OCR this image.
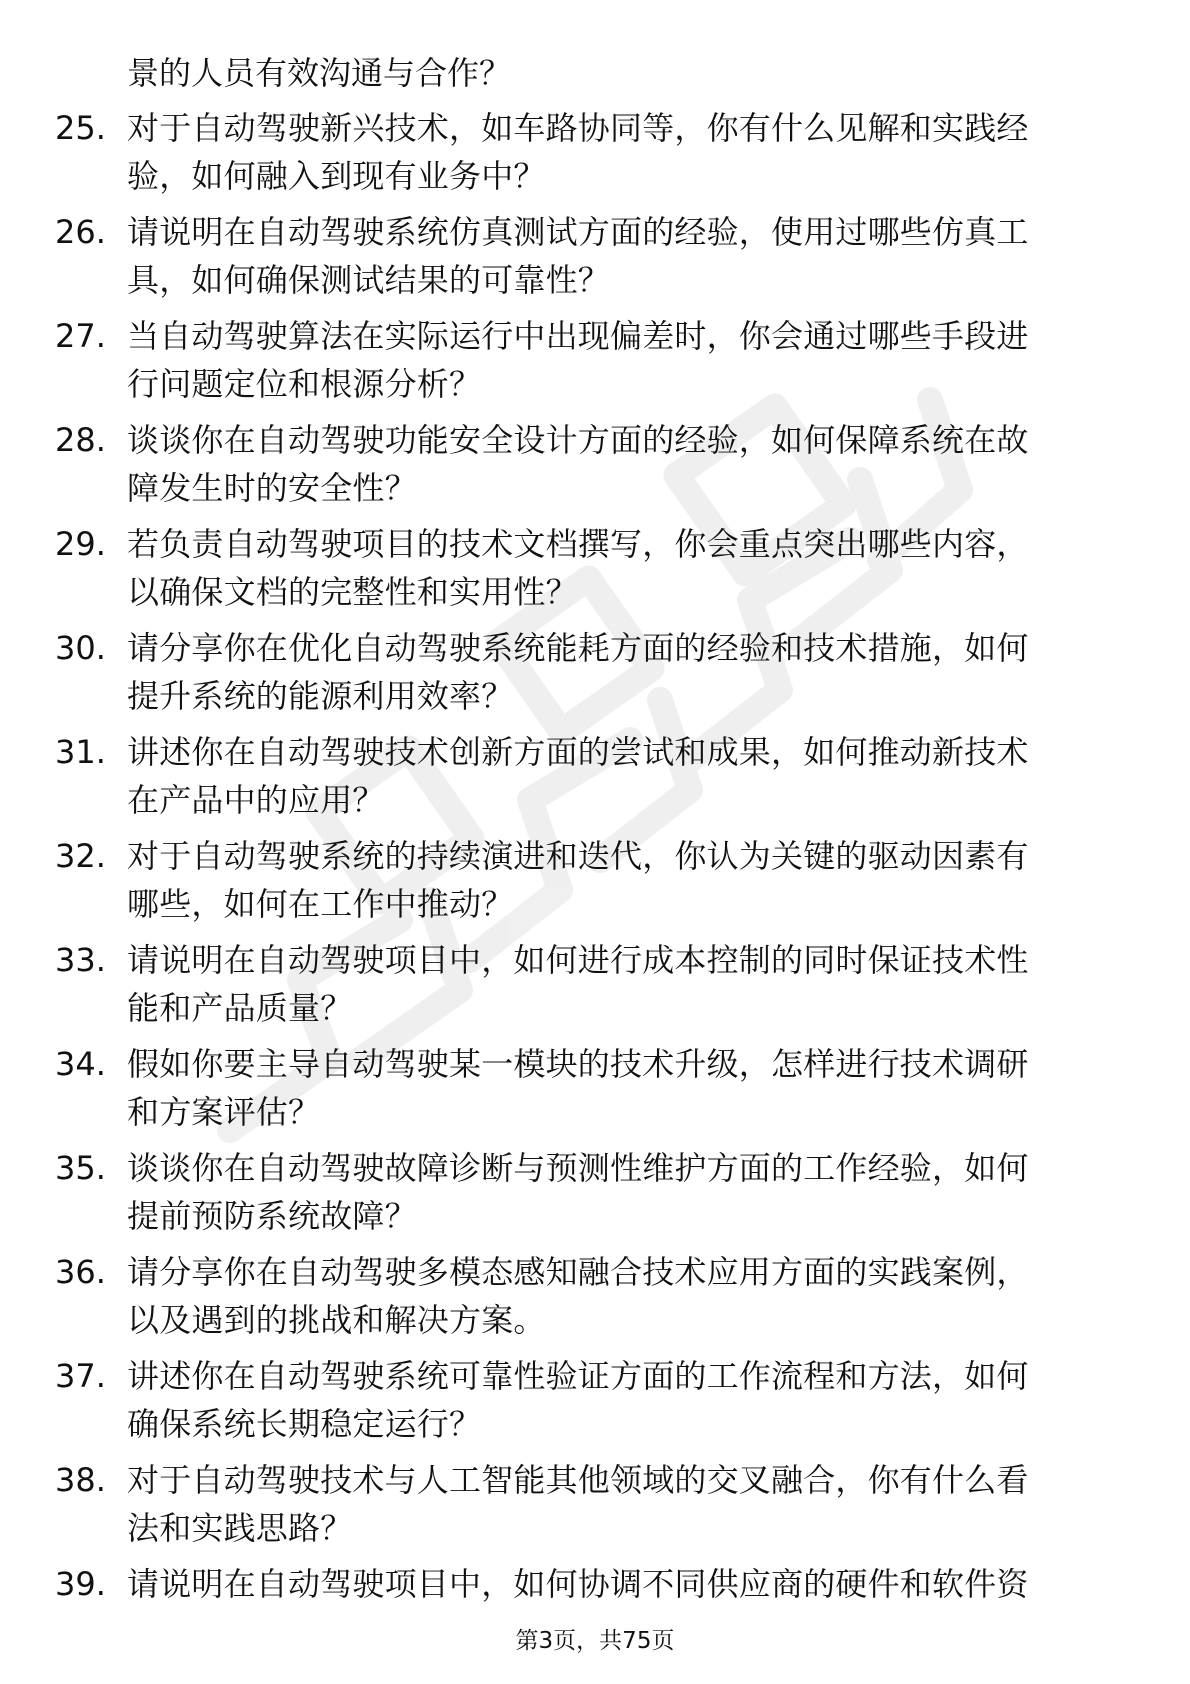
景的人员有效沟通与合作？
25. 对于自动驾驶新兴技术，如车路协同等，你有什么见解和实践经
验，如何融入到现有业务中？
26. 请说明在自动驾驶系统仿真测试方面的经验，使用过哪些仿真工
具，如何确保测试结果的可靠性？
27. 当自动驾驶算法在实际运行中出现偏差时，你会通过哪些手段进
行问题定位和根源分析？
28. 谈谈你在自动驾驶功能安全设计方面的经验，如何保障系统在故
障发生时的安全性？
29. 若负责自动驾驶项目的技术文档撰写，你会重点突出哪些内容，
以确保文档的完整性和实用性？
30. 请分享你在优化自动驾驶系统能耗方面的经验和技术措施，如何
提升系统的能源利用效率？
31. 讲述你在自动驾驶技术创新方面的尝试和成果，如何推动新技术
在产品中的应用？
32. 对于自动驾驶系统的持续演进和迭代，你认为关键的驱动因素有
哪些，如何在工作中推动？
33. 请说明在自动驾驶项目中，如何进行成本控制的同时保证技术性
能和产品质量？
34. 假如你要主导自动驾驶某一模块的技术升级，怎样进行技术调研
和方案评估？
35. 谈谈你在自动驾驶故障诊断与预测性维护方面的工作经验，如何
提前预防系统故障？
36. 请分享你在自动驾驶多模态感知融合技术应用方面的实践案例，
以及遇到的挑战和解决方案。
37. 讲述你在自动驾驶系统可靠性验证方面的工作流程和方法，如何
确保系统长期稳定运行？
38. 对于自动驾驶技术与人工智能其他领域的交叉融合，你有什么看
法和实践思路？
39. 请说明在自动驾驶项目中，如何协调不同供应商的硬件和软件资
第3页，共75页
